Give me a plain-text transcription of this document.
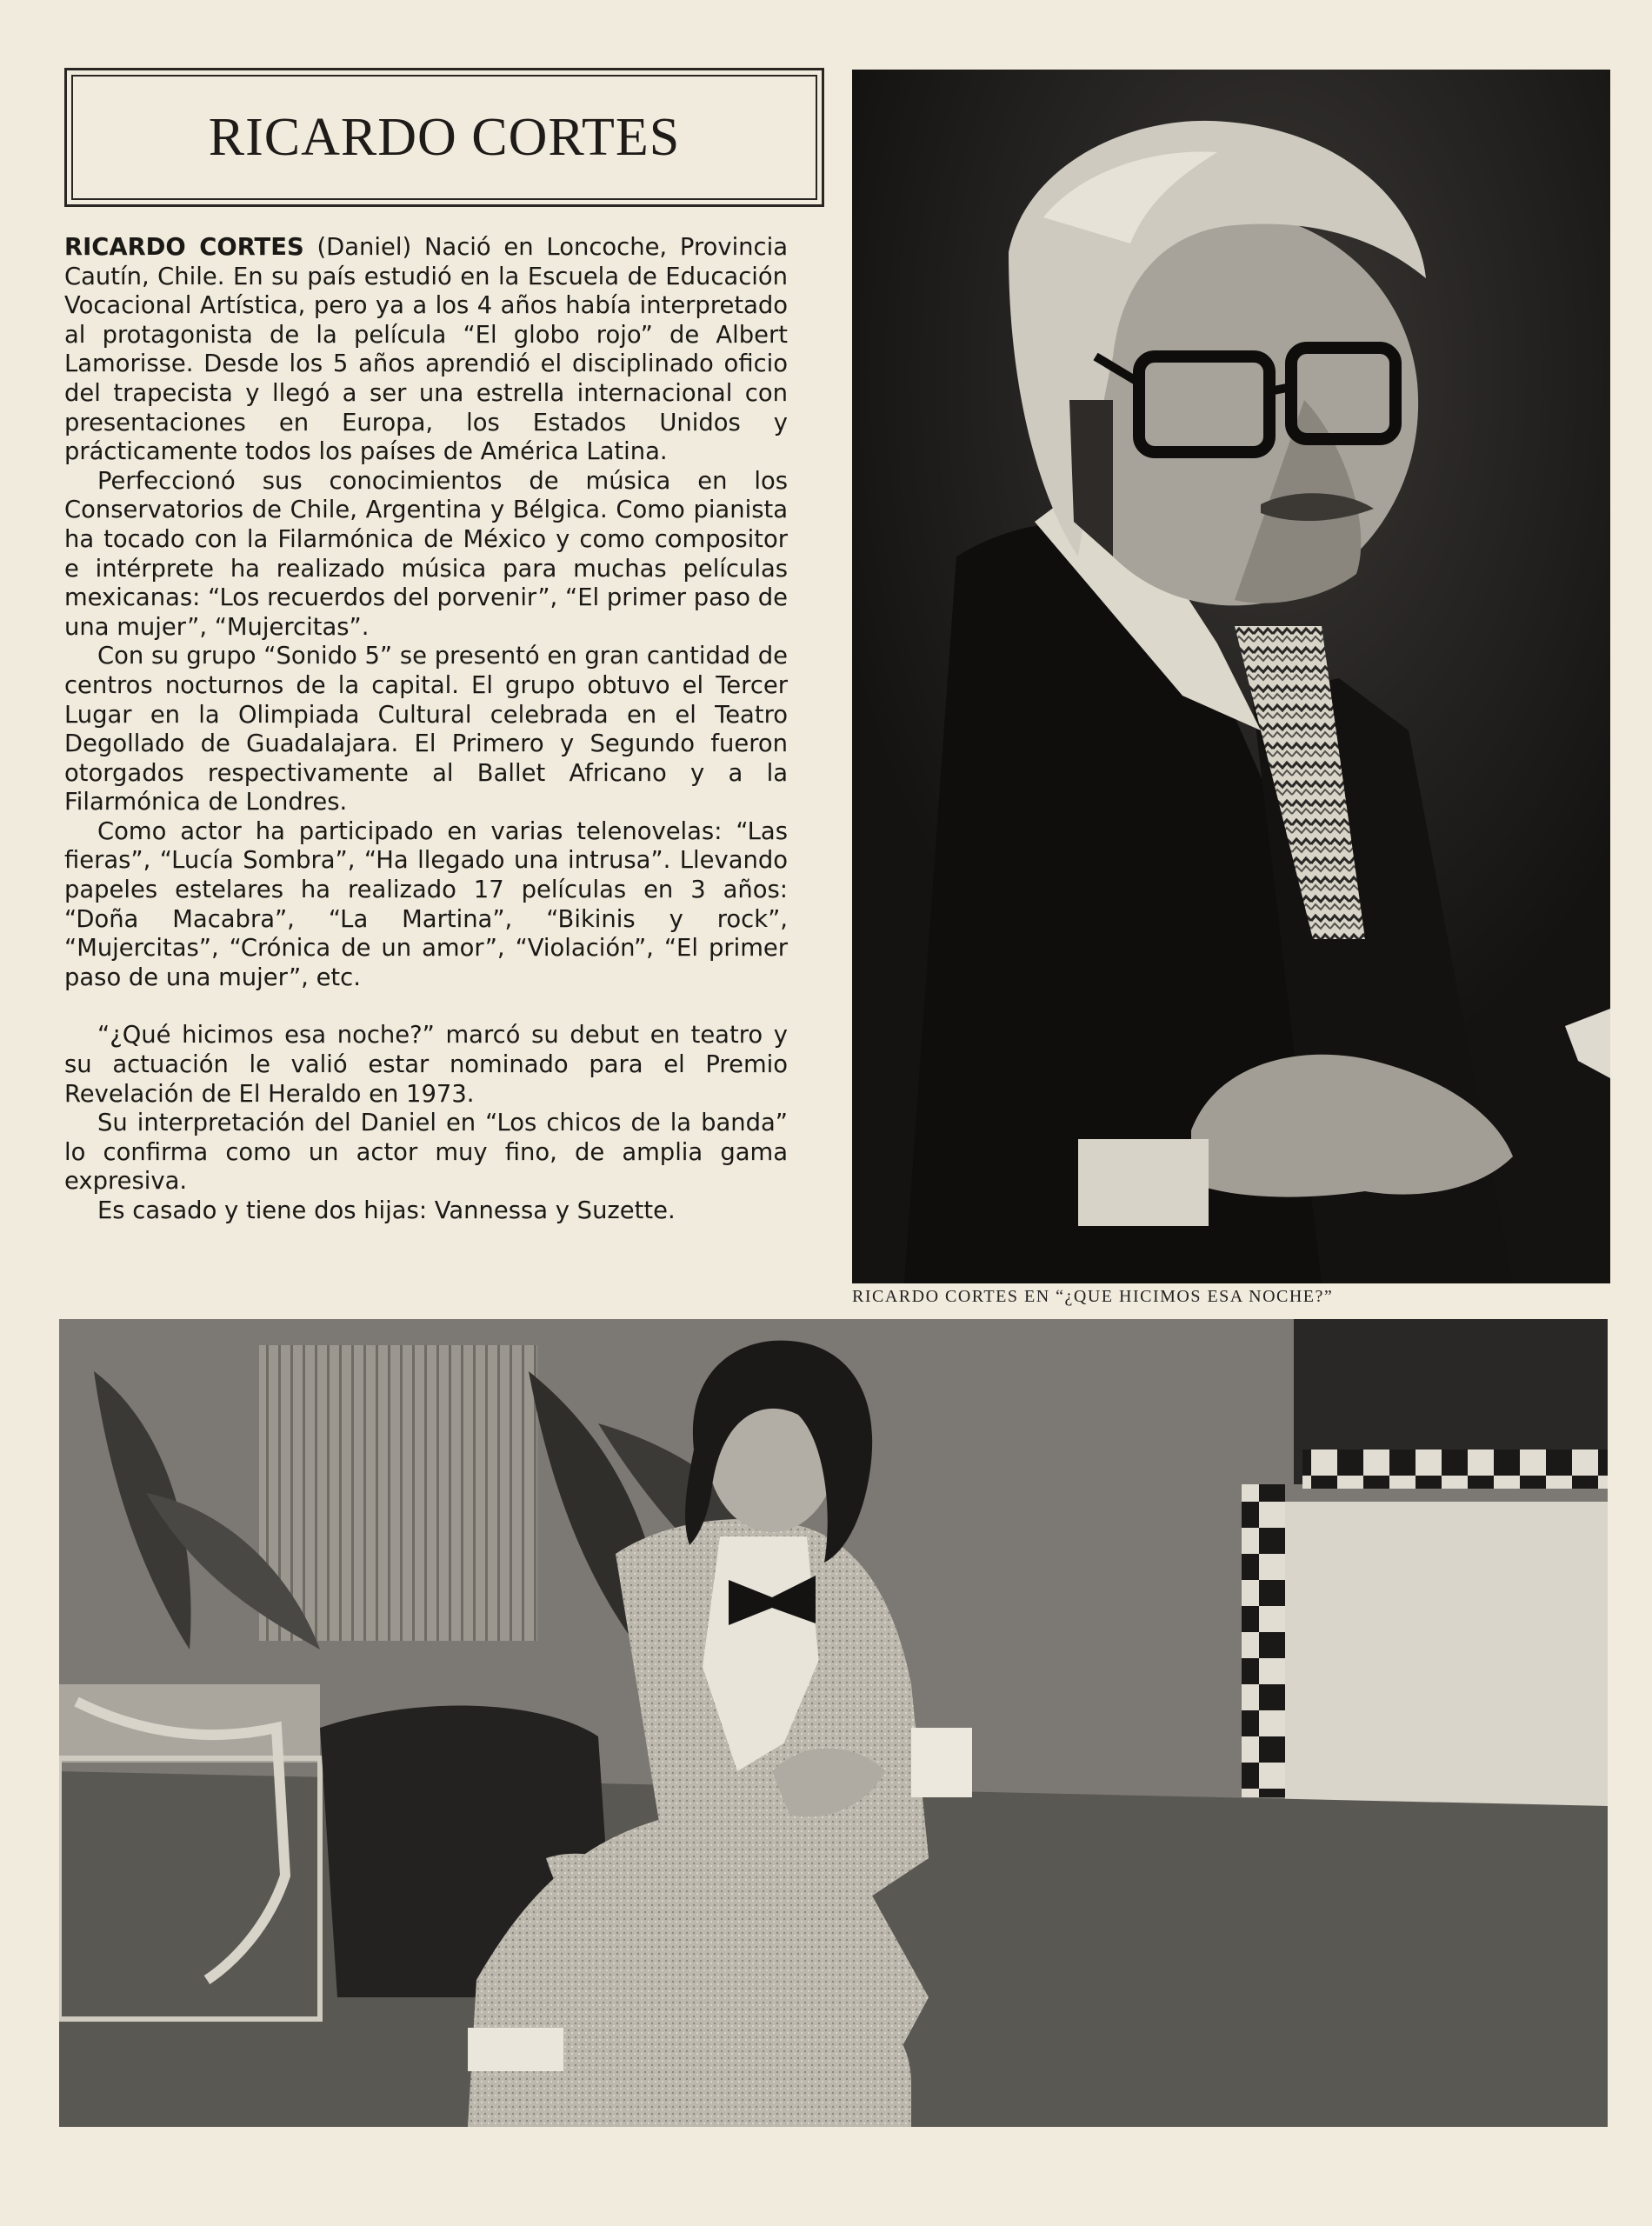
RICARDO CORTES

RICARDO CORTES (Daniel) Nació en Loncoche, Provincia Cautín, Chile. En su país estudió en la Escuela de Educación Vocacional Artística, pero ya a los 4 años había interpretado al protagonista de la película “El globo rojo” de Albert Lamorisse. Desde los 5 años aprendió el disciplinado oficio del trapecista y llegó a ser una estrella internacional con presentaciones en Europa, los Estados Unidos y prácticamente todos los países de América Latina.

Perfeccionó sus conocimientos de música en los Conservatorios de Chile, Argentina y Bélgica. Como pianista ha tocado con la Filarmónica de México y como compositor e intérprete ha realizado música para muchas películas mexicanas: “Los recuerdos del porvenir”, “El primer paso de una mujer”, “Mujercitas”.

Con su grupo “Sonido 5” se presentó en gran cantidad de centros nocturnos de la capital. El grupo obtuvo el Tercer Lugar en la Olimpiada Cultural celebrada en el Teatro Degollado de Guadalajara. El Primero y Segundo fueron otorgados respectivamente al Ballet Africano y a la Filarmónica de Londres.

Como actor ha participado en varias telenovelas: “Las fieras”, “Lucía Sombra”, “Ha llegado una intrusa”. Llevando papeles estelares ha realizado 17 películas en 3 años: “Doña Macabra”, “La Martina”, “Bikinis y rock”, “Mujercitas”, “Crónica de un amor”, “Violación”, “El primer paso de una mujer”, etc.

“¿Qué hicimos esa noche?” marcó su debut en teatro y su actuación le valió estar nominado para el Premio Revelación de El Heraldo en 1973.

Su interpretación del Daniel en “Los chicos de la banda” lo confirma como un actor muy fino, de amplia gama expresiva.

Es casado y tiene dos hijas: Vannessa y Suzette.

RICARDO CORTES EN “¿QUE HICIMOS ESA NOCHE?”
